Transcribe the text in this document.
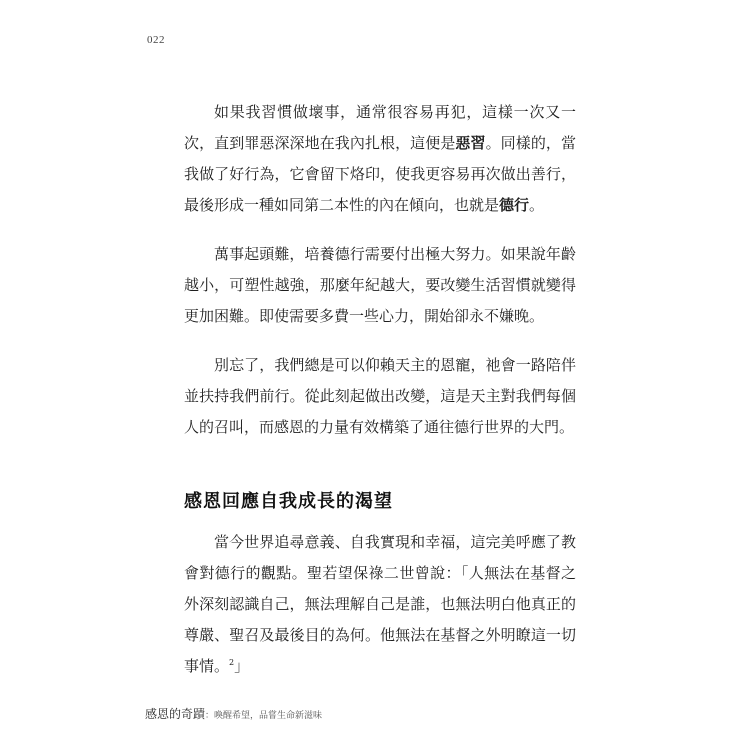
022

如果我習慣做壞事，通常很容易再犯，這樣一次又一次，直到罪惡深深地在我內扎根，這便是惡習。同樣的，當我做了好行為，它會留下烙印，使我更容易再次做出善行，最後形成一種如同第二本性的內在傾向，也就是德行。

萬事起頭難，培養德行需要付出極大努力。如果說年齡越小，可塑性越強，那麼年紀越大，要改變生活習慣就變得更加困難。即使需要多費一些心力，開始卻永不嫌晚。

別忘了，我們總是可以仰賴天主的恩寵，祂會一路陪伴並扶持我們前行。從此刻起做出改變，這是天主對我們每個人的召叫，而感恩的力量有效構築了通往德行世界的大門。

感恩回應自我成長的渴望

當今世界追尋意義、自我實現和幸福，這完美呼應了教會對德行的觀點。聖若望保祿二世曾說：「人無法在基督之外深刻認識自己，無法理解自己是誰，也無法明白他真正的尊嚴、聖召及最後目的為何。他無法在基督之外明瞭這一切事情。$^2$」

感恩的奇蹟：喚醒希望，品嘗生命新滋味
